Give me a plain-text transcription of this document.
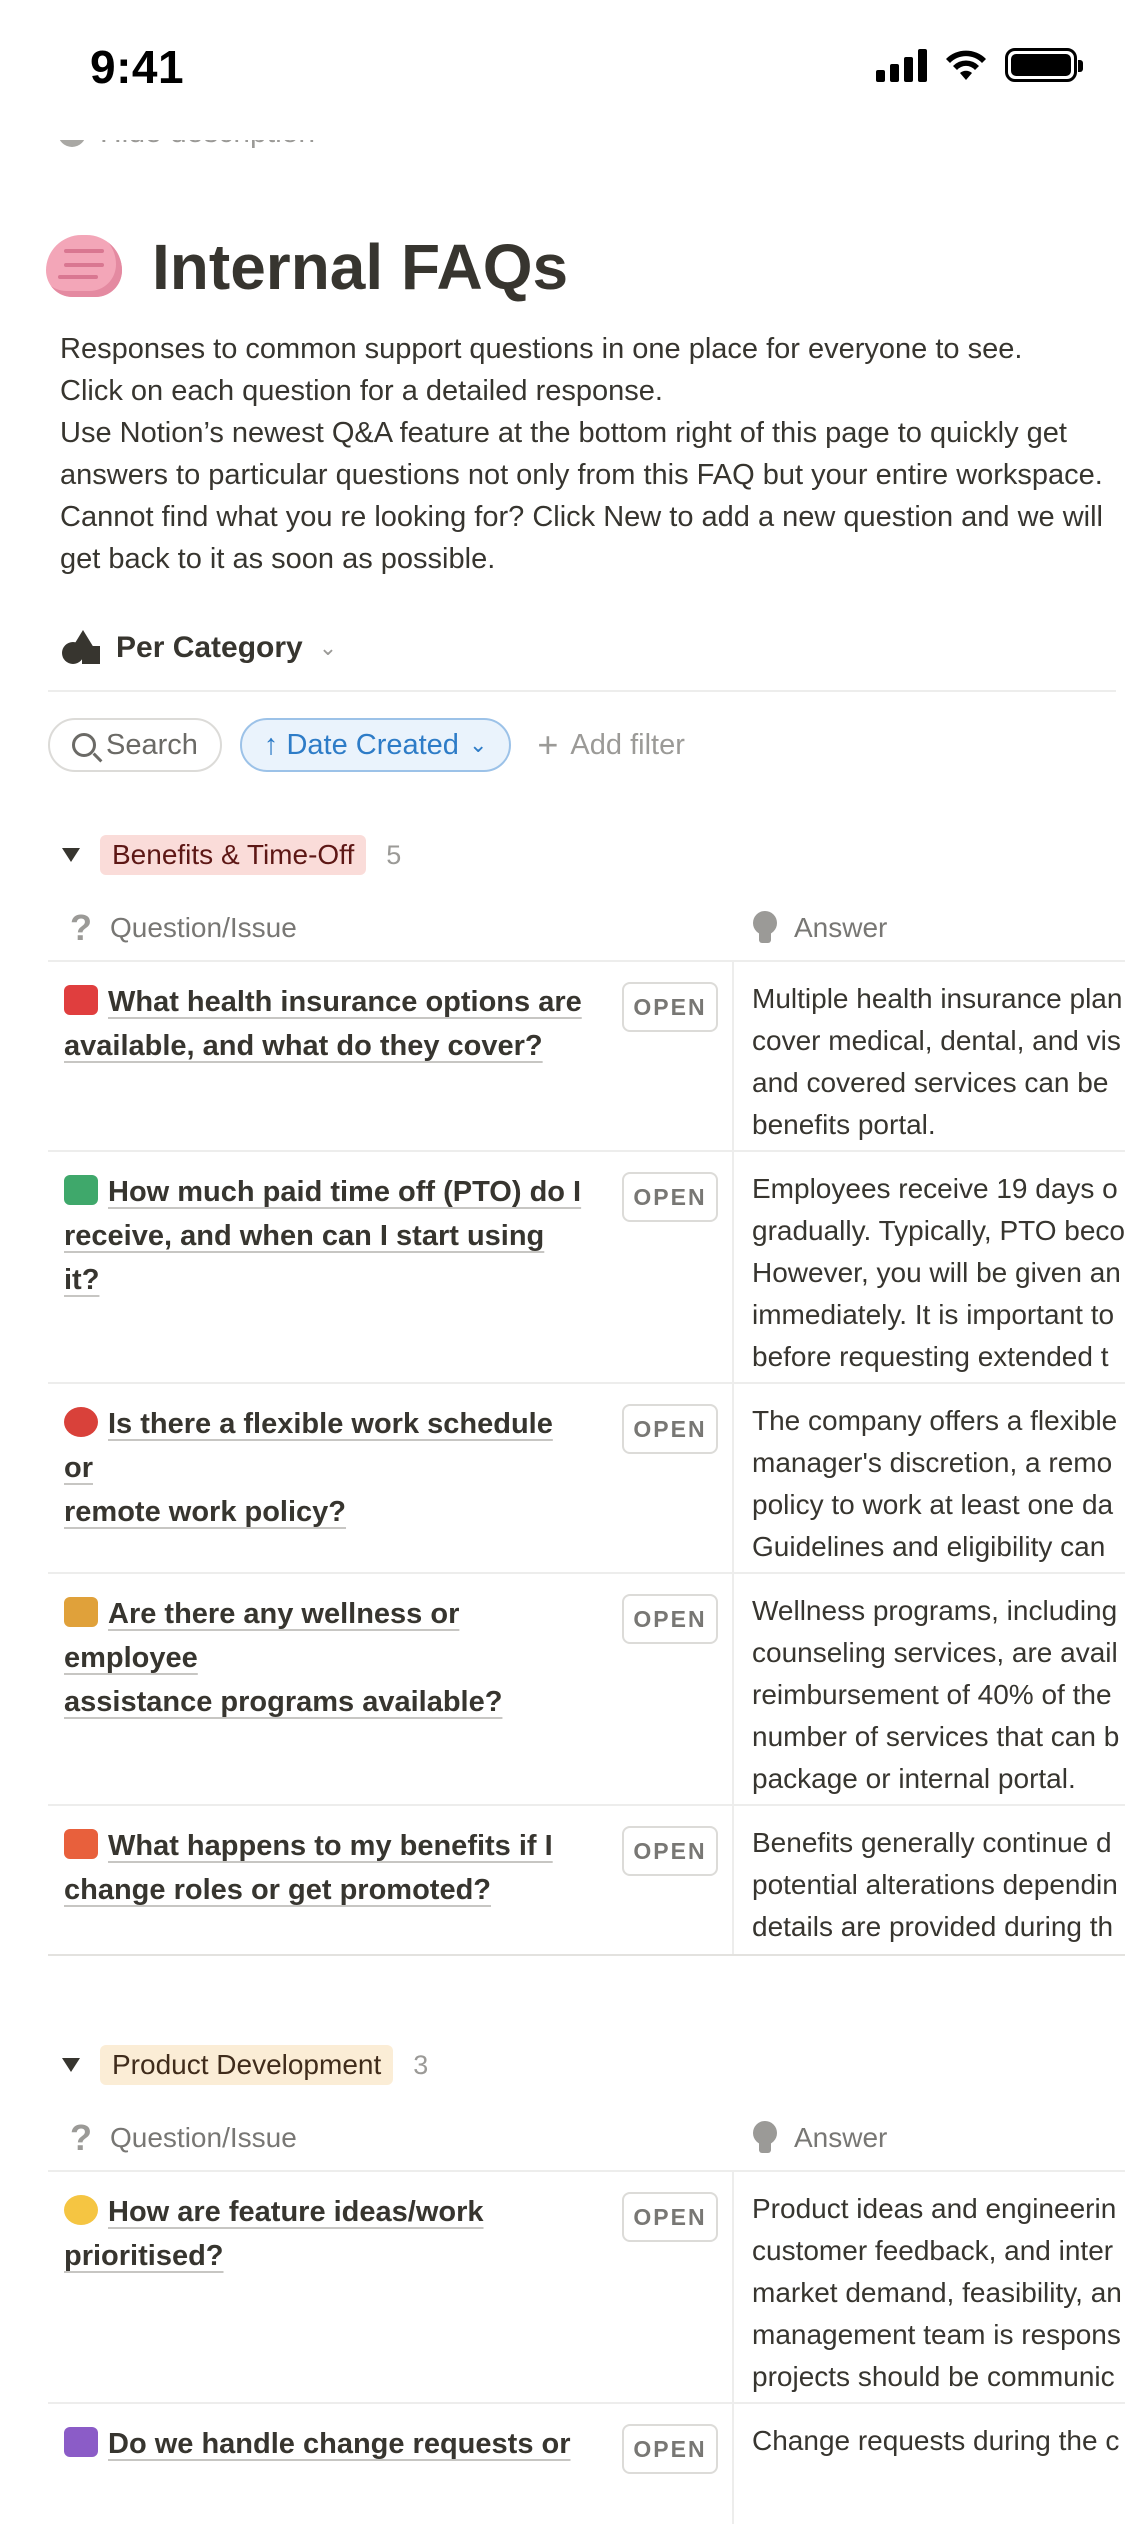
9:41
Internal FAQs

Responses to common support questions in one place for everyone to see.

Click on each question for a detailed response.

Use Notion’s newest Q&A feature at the bottom right of this page to quickly get

answers to particular questions not only from this FAQ but your entire workspace.

Cannot find what you re looking for? Click New to add a new question and we will

get back to it as soon as possible.

Per Category ⌄
Search ↑ Date Created ⌄ + Add filter
Benefits & Time-Off	5
? Question/Issue	Answer
What health insurance options are
available, and what do they cover?
OPEN	Multiple health insurance plan
cover medical, dental, and vis
and covered services can be
benefits portal.
How much paid time off (PTO) do I
receive, and when can I start using it?
OPEN	Employees receive 19 days o
gradually. Typically, PTO beco
However, you will be given an
immediately. It is important to
before requesting extended t
Is there a flexible work schedule or
remote work policy?
OPEN	The company offers a flexible
manager's discretion, a remo
policy to work at least one da
Guidelines and eligibility can
Are there any wellness or employee
assistance programs available?
OPEN	Wellness programs, including
counseling services, are avail
reimbursement of 40% of the
number of services that can b
package or internal portal.
What happens to my benefits if I
change roles or get promoted?
OPEN	Benefits generally continue d
potential alterations dependin
details are provided during th
Product Development	3
? Question/Issue	Answer
How are feature ideas/work
prioritised?
OPEN	Product ideas and engineerin
customer feedback, and inter
market demand, feasibility, an
management team is respons
projects should be communic
Do we handle change requests or	OPEN	Change requests during the c
